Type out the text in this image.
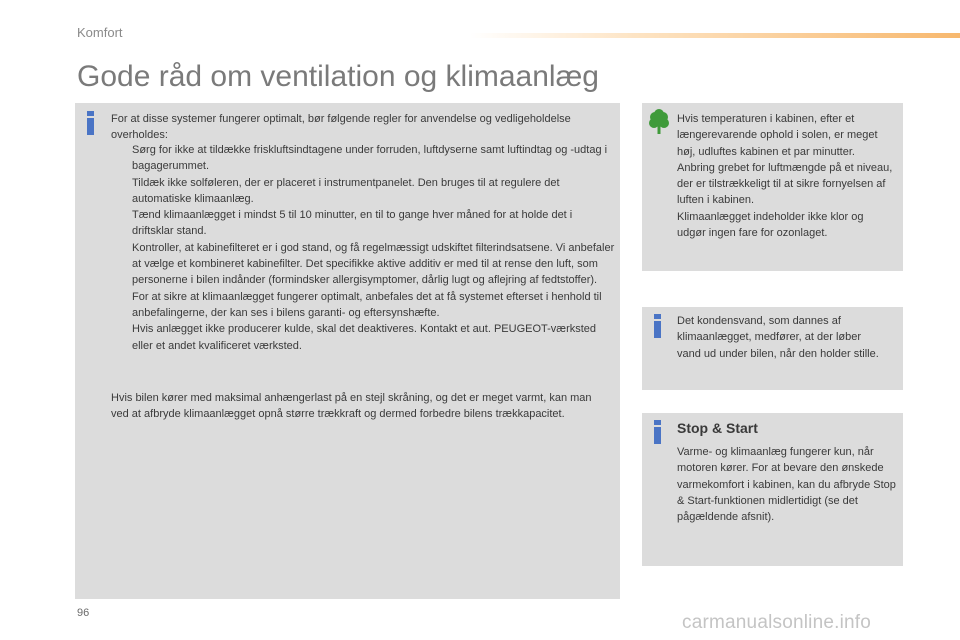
Komfort
Gode råd om ventilation og klimaanlæg
For at disse systemer fungerer optimalt, bør følgende regler for anvendelse og vedligeholdelse overholdes:
Sørg for ikke at tildække friskluftsindtagene under forruden, luftdyserne samt luftindtag og -udtag i bagagerummet.
Tildæk ikke solføleren, der er placeret i instrumentpanelet. Den bruges til at regulere det automatiske klimaanlæg.
Tænd klimaanlægget i mindst 5 til 10 minutter, en til to gange hver måned for at holde det i driftsklar stand.
Kontroller, at kabinefilteret er i god stand, og få regelmæssigt udskiftet filterindsatsene. Vi anbefaler at vælge et kombineret kabinefilter. Det specifikke aktive additiv er med til at rense den luft, som personerne i bilen indånder (formindsker allergisymptomer, dårlig lugt og aflejring af fedtstoffer).
For at sikre at klimaanlægget fungerer optimalt, anbefales det at få systemet efterset i henhold til anbefalingerne, der kan ses i bilens garanti- og eftersynshæfte.
Hvis anlægget ikke producerer kulde, skal det deaktiveres. Kontakt et aut. PEUGEOT-værksted eller et andet kvalificeret værksted.
Hvis bilen kører med maksimal anhængerlast på en stejl skråning, og det er meget varmt, kan man ved at afbryde klimaanlægget opnå større trækkraft og dermed forbedre bilens trækkapacitet.
Hvis temperaturen i kabinen, efter et længerevarende ophold i solen, er meget høj, udluftes kabinen et par minutter.
Anbring grebet for luftmængde på et niveau, der er tilstrækkeligt til at sikre fornyelsen af luften i kabinen.
Klimaanlægget indeholder ikke klor og udgør ingen fare for ozonlaget.
Det kondensvand, som dannes af klimaanlægget, medfører, at der løber vand ud under bilen, når den holder stille.
Stop & Start
Varme- og klimaanlæg fungerer kun, når motoren kører. For at bevare den ønskede varmekomfort i kabinen, kan du afbryde Stop & Start-funktionen midlertidigt (se det pågældende afsnit).
96	carmanualsonline.info
